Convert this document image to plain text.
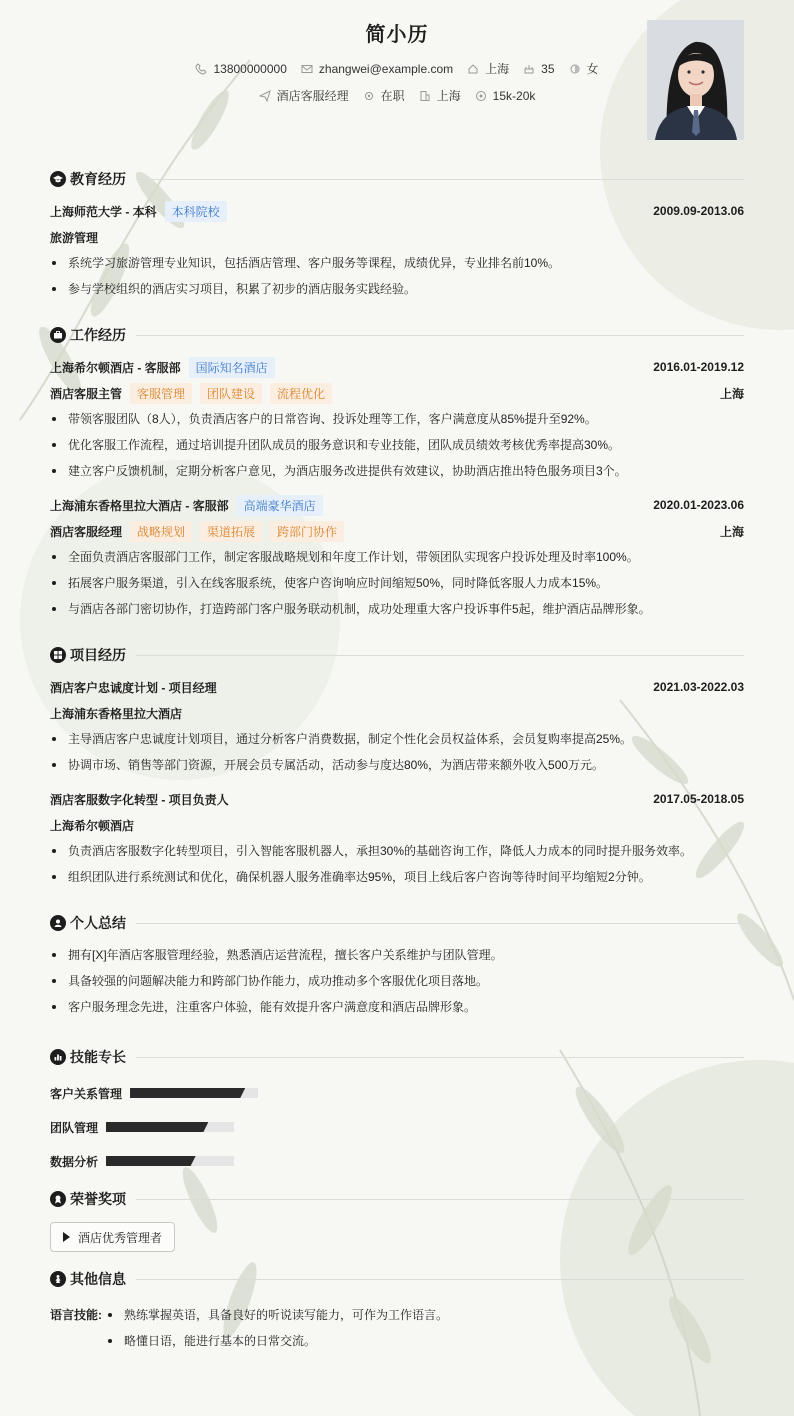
简小历
13800000000	zhangwei@example.com	上海	35	女
酒店客服经理	在职	上海	15k-20k
教育经历
上海师范大学 - 本科	本科院校	2009.09-2013.06
旅游管理
系统学习旅游管理专业知识，包括酒店管理、客户服务等课程，成绩优异，专业排名前10%。
参与学校组织的酒店实习项目，积累了初步的酒店服务实践经验。
工作经历
上海希尔顿酒店 - 客服部	国际知名酒店	2016.01-2019.12
酒店客服主管	客服管理	团队建设	流程优化	上海
带领客服团队（8人），负责酒店客户的日常咨询、投诉处理等工作，客户满意度从85%提升至92%。
优化客服工作流程，通过培训提升团队成员的服务意识和专业技能，团队成员绩效考核优秀率提高30%。
建立客户反馈机制，定期分析客户意见，为酒店服务改进提供有效建议，协助酒店推出特色服务项目3个。
上海浦东香格里拉大酒店 - 客服部	高端豪华酒店	2020.01-2023.06
酒店客服经理	战略规划	渠道拓展	跨部门协作	上海
全面负责酒店客服部门工作，制定客服战略规划和年度工作计划，带领团队实现客户投诉处理及时率100%。
拓展客户服务渠道，引入在线客服系统，使客户咨询响应时间缩短50%，同时降低客服人力成本15%。
与酒店各部门密切协作，打造跨部门客户服务联动机制，成功处理重大客户投诉事件5起，维护酒店品牌形象。
项目经历
酒店客户忠诚度计划 - 项目经理	2021.03-2022.03
上海浦东香格里拉大酒店
主导酒店客户忠诚度计划项目，通过分析客户消费数据，制定个性化会员权益体系，会员复购率提高25%。
协调市场、销售等部门资源，开展会员专属活动，活动参与度达80%，为酒店带来额外收入500万元。
酒店客服数字化转型 - 项目负责人	2017.05-2018.05
上海希尔顿酒店
负责酒店客服数字化转型项目，引入智能客服机器人，承担30%的基础咨询工作，降低人力成本的同时提升服务效率。
组织团队进行系统测试和优化，确保机器人服务准确率达95%，项目上线后客户咨询等待时间平均缩短2分钟。
个人总结
拥有[X]年酒店客服管理经验，熟悉酒店运营流程，擅长客户关系维护与团队管理。
具备较强的问题解决能力和跨部门协作能力，成功推动多个客服优化项目落地。
客户服务理念先进，注重客户体验，能有效提升客户满意度和酒店品牌形象。
技能专长
客户关系管理
团队管理
数据分析
荣誉奖项
酒店优秀管理者
其他信息
语言技能:	熟练掌握英语，具备良好的听说读写能力，可作为工作语言。
略懂日语，能进行基本的日常交流。
